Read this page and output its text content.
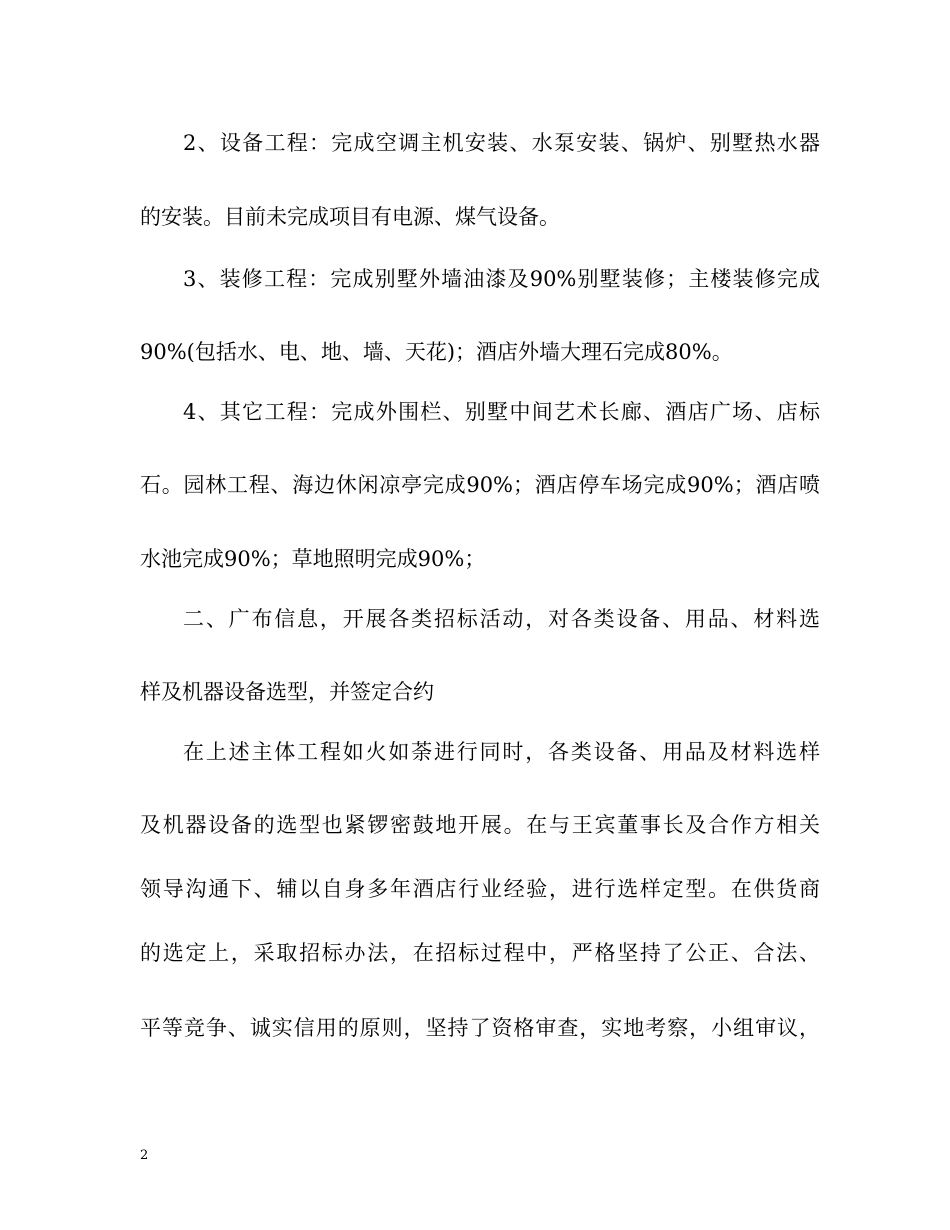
2、设备工程：完成空调主机安装、水泵安装、锅炉、别墅热水器
的安装。目前未完成项目有电源、煤气设备。
3、装修工程：完成别墅外墙油漆及90%别墅装修；主楼装修完成
90%(包括水、电、地、墙、天花)；酒店外墙大理石完成80%。
4、其它工程：完成外围栏、别墅中间艺术长廊、酒店广场、店标
石。园林工程、海边休闲凉亭完成90%；酒店停车场完成90%；酒店喷
水池完成90%；草地照明完成90%；
二、广布信息，开展各类招标活动，对各类设备、用品、材料选
样及机器设备选型，并签定合约
在上述主体工程如火如荼进行同时，各类设备、用品及材料选样
及机器设备的选型也紧锣密鼓地开展。在与王宾董事长及合作方相关
领导沟通下、辅以自身多年酒店行业经验，进行选样定型。在供货商
的选定上，采取招标办法，在招标过程中，严格坚持了公正、合法、
平等竞争、诚实信用的原则，坚持了资格审查，实地考察，小组审议，
2
